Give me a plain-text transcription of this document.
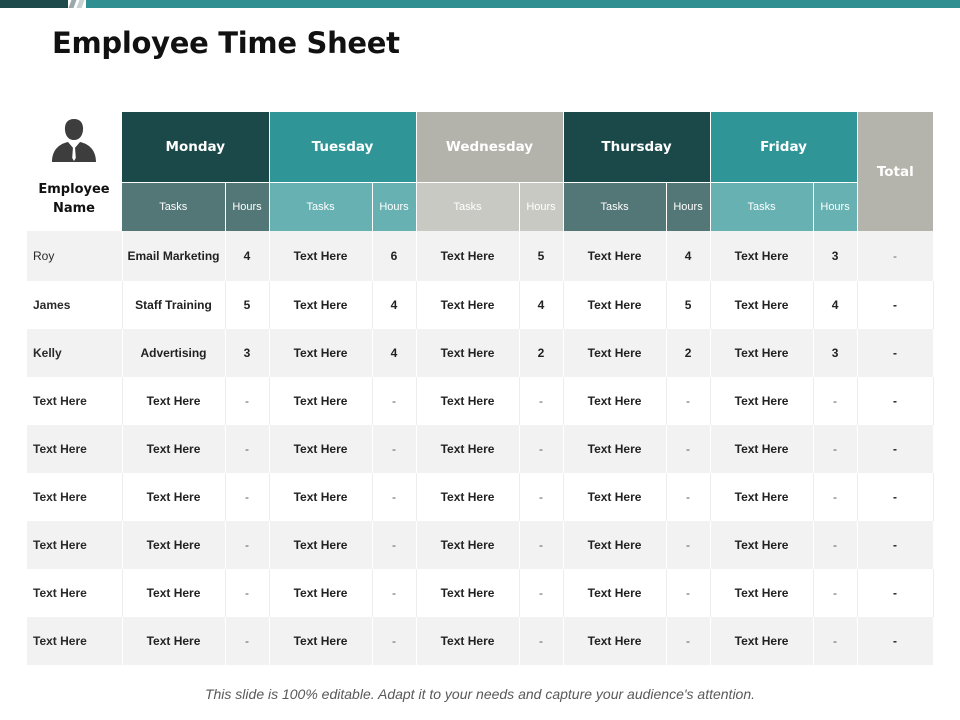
Employee Time Sheet
Employee
Name
	Monday		Tuesday		Wednesday		Thursday		Friday		Total
	Tasks	Hours	Tasks	Hours	Tasks	Hours	Tasks	Hours	Tasks	Hours	
Roy	Email Marketing	4	Text Here	6	Text Here	5	Text Here	4	Text Here	3	-
James	Staff Training	5	Text Here	4	Text Here	4	Text Here	5	Text Here	4	-
Kelly	Advertising	3	Text Here	4	Text Here	2	Text Here	2	Text Here	3	-
Text Here	Text Here	-	Text Here	-	Text Here	-	Text Here	-	Text Here	-	-
Text Here	Text Here	-	Text Here	-	Text Here	-	Text Here	-	Text Here	-	-
Text Here	Text Here	-	Text Here	-	Text Here	-	Text Here	-	Text Here	-	-
Text Here	Text Here	-	Text Here	-	Text Here	-	Text Here	-	Text Here	-	-
Text Here	Text Here	-	Text Here	-	Text Here	-	Text Here	-	Text Here	-	-
Text Here	Text Here	-	Text Here	-	Text Here	-	Text Here	-	Text Here	-	-
This slide is 100% editable. Adapt it to your needs and capture your audience's attention.
